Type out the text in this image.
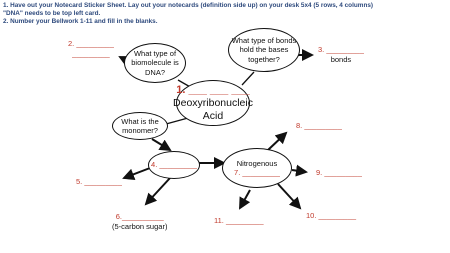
1. Have out your Notecard Sticker Sheet. Lay out your notecards (definition side up) on your desk 5x4 (5 rows, 4 columns)
"DNA" needs to be top left card.
2. Number your Bellwork 1-11 and fill in the blanks.
2. _________
_________	3. _________
bonds
5. _________
6.__________
(5-carbon sugar)
8. _________
9. _________
10. _________
11. _________
What type of biomolecule is DNA?
What type of bonds hold the bases together?
1. ___ ___ ___
Deoxyribonucleic
Acid
What is the monomer?
4. _________	Nitrogenous
7. _________
